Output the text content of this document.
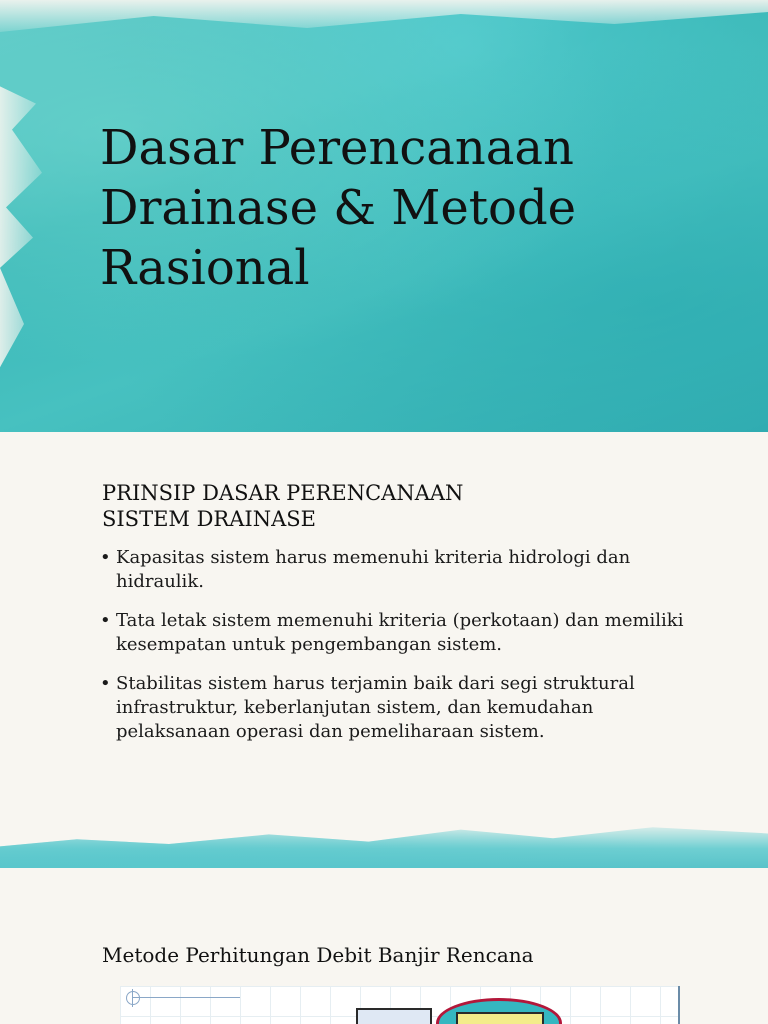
Dasar Perencanaan Drainase & Metode Rasional
PRINSIP DASAR PERENCANAAN
SISTEM DRAINASE
• Kapasitas sistem harus memenuhi kriteria hidrologi dan hidraulik.
• Tata letak sistem memenuhi kriteria (perkotaan) dan memiliki kesempatan untuk pengembangan sistem.
• Stabilitas sistem harus terjamin baik dari segi struktural infrastruktur, keberlanjutan sistem, dan kemudahan pelaksanaan operasi dan pemeliharaan sistem.
Metode Perhitungan Debit Banjir Rencana
